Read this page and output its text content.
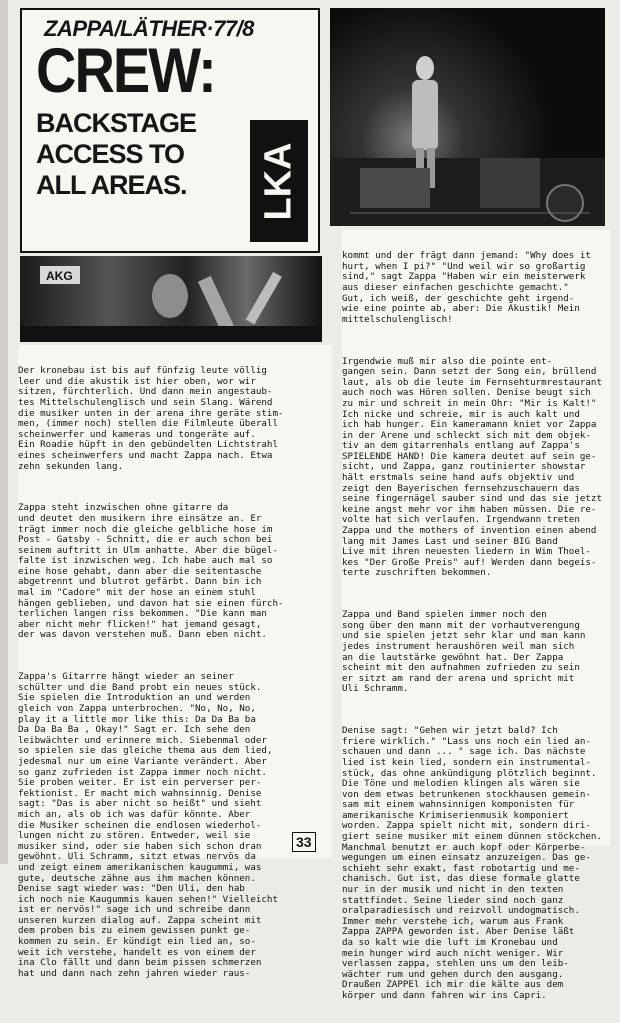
ZAPPA/LÄTHER·77/8
CREW:
BACKSTAGE
ACCESS TO
ALL AREAS.	LKA
AKG

Der kronebau ist bis auf fünfzig leute völlig
leer und die akustik ist hier oben, wor wir
sitzen, fürchterlich. Und dann mein angestaub-
tes Mittelschulenglisch und sein Slang. Wärend
die musiker unten in der arena ihre geräte stim-
men, (immer noch) stellen die Filmleute überall
scheinwerfer und kameras und tongeräte auf.
Ein Roadie hüpft in den gebündelten Lichtstrahl
eines scheinwerfers und macht Zappa nach. Etwa
zehn sekunden lang.

Zappa steht inzwischen ohne gitarre da
und deutet den musikern ihre einsätze an. Er
trägt immer noch die gleiche gelbliche hose im
Post - Gatsby - Schnitt, die er auch schon bei
seinem auftritt in Ulm anhatte. Aber die bügel-
falte ist inzwischen weg. Ich habe auch mal so
eine hose gehabt, dann aber die seitentasche
abgetrennt und blutrot gefärbt. Dann bin ich
mal im "Cadore" mit der hose an einem stuhl
hängen geblieben, und davon hat sie einen fürch-
terlichen langen riss bekommen. "Die kann man
aber nicht mehr flicken!" hat jemand gesagt,
der was davon verstehen muß. Dann eben nicht.

Zappa's Gitarrre hängt wieder an seiner
schülter und die Band probt ein neues stück.
Sie spielen die Introduktion an und werden
gleich von Zappa unterbrochen. "No, No, No,
play it a little mor like this: Da Da Ba ba
Da Da Ba Ba , Okay!" Sagt er. Ich sehe den
leibwächter und erinnere mich. Siebenmal oder
so spielen sie das gleiche thema aus dem lied,
jedesmal nur um eine Variante verändert. Aber
so ganz zufrieden ist Zappa immer noch nicht.
Sie proben weiter. Er ist ein perverser per-
fektionist. Er macht mich wahnsinnig. Denise
sagt: "Das is aber nicht so heißt" und sieht
mich an, als ob ich was dafür könnte. Aber
die Musiker scheinen die endlosen wiederhol-
lungen nicht zu stören. Entweder, weil sie
musiker sind, oder sie haben sich schon dran
gewöhnt. Uli Schramm, sitzt etwas nervös da
und zeigt einem amerikanischen kaugummi, was
gute, deutsche zähne aus ihm machen können.
Denise sagt wieder was: "Den Uli, den hab
ich noch nie Kaugummis kauen sehen!" Vielleicht
ist er nervös!" sage ich und schreibe dann
unseren kurzen dialog auf. Zappa scheint mit
dem proben bis zu einem gewissen punkt ge-
kommen zu sein. Er kündigt ein lied an, so-
weit ich verstehe, handelt es von einem der
ina Clo fällt und dann beim pissen schmerzen
hat und dann nach zehn jahren wieder raus-

kommt und der frägt dann jemand: "Why does it
hurt, when I pi?" "Und weil wir so großartig
sind," sagt Zappa "Haben wir ein meisterwerk
aus dieser einfachen geschichte gemacht."
Gut, ich weiß, der geschichte geht irgend-
wie eine pointe ab, aber: Die Akustik! Mein
mittelschulenglisch!

Irgendwie muß mir also die pointe ent-
gangen sein. Dann setzt der Song ein, brüllend
laut, als ob die leute im Fernsehturmrestaurant
auch noch was Hören sollen. Denise beugt sich
zu mir und schreit in mein Ohr: "Mir is Kalt!"
Ich nicke und schreie, mir is auch kalt und
ich hab hunger. Ein kameramann kniet vor Zappa
in der Arene und schleckt sich mit dem objek-
tiv an dem gitarrenhals entlang auf Zappa's
SPIELENDE HAND! Die kamera deutet auf sein ge-
sicht, und Zappa, ganz routinierter showstar
hält erstmals seine hand aufs objektiv und
zeigt den Bayerischen fernsehzuschauern das
seine fingernägel sauber sind und das sie jetzt
keine angst mehr vor ihm haben müssen. Die re-
volte hat sich verlaufen. Irgendwann treten
Zappa und the mothers of invention einen abend
lang mit James Last und seiner BIG Band
Live mit ihren neuesten liedern in Wim Thoel-
kes "Der Große Preis" auf! Werden dann begeis-
terte zuschriften bekommen.

Zappa und Band spielen immer noch den
song über den mann mit der vorhautverengung
und sie spielen jetzt sehr klar und man kann
jedes instrument heraushören weil man sich
an die lautstärke gewöhnt hat. Der Zappa
scheint mit den aufnahmen zufrieden zu sein
er sitzt am rand der arena und spricht mit
Uli Schramm.

Denise sagt: "Gehen wir jetzt bald? Ich
friere wirklich." "Lass uns noch ein lied an-
schauen und dann ... " sage ich. Das nächste
lied ist kein lied, sondern ein instrumental-
stück, das ohne ankündigung plötzlich beginnt.
Die Töne und melodien klingen als wären sie
von dem etwas betrunkenen stockhausen gemein-
sam mit einem wahnsinnigen komponisten für
amerikanische Krimiserienmusik komponiert
worden. Zappa spielt nicht mit, sondern diri-
giert seine musiker mit einem dünnen stöckchen.
Manchmal benutzt er auch kopf oder Körperbe-
wegungen um einen einsatz anzuzeigen. Das ge-
schieht sehr exakt, fast robotartig und me-
chanisch. Gut ist, das diese formale glatte
nur in der musik und nicht in den texten
stattfindet. Seine lieder sind noch ganz
oralparadiesisch und reizvoll undogmatisch.
Immer mehr verstehe ich, warum aus Frank
Zappa ZAPPA geworden ist. Aber Denise läßt
da so kalt wie die luft im Kronebau und
mein hunger wird auch nicht weniger. Wir
verlassen zappa, stehlen uns um den leib-
wächter rum und gehen durch den ausgang.
Draußen ZAPPEl ich mir die kälte aus dem
körper und dann fahren wir ins Capri.

33
